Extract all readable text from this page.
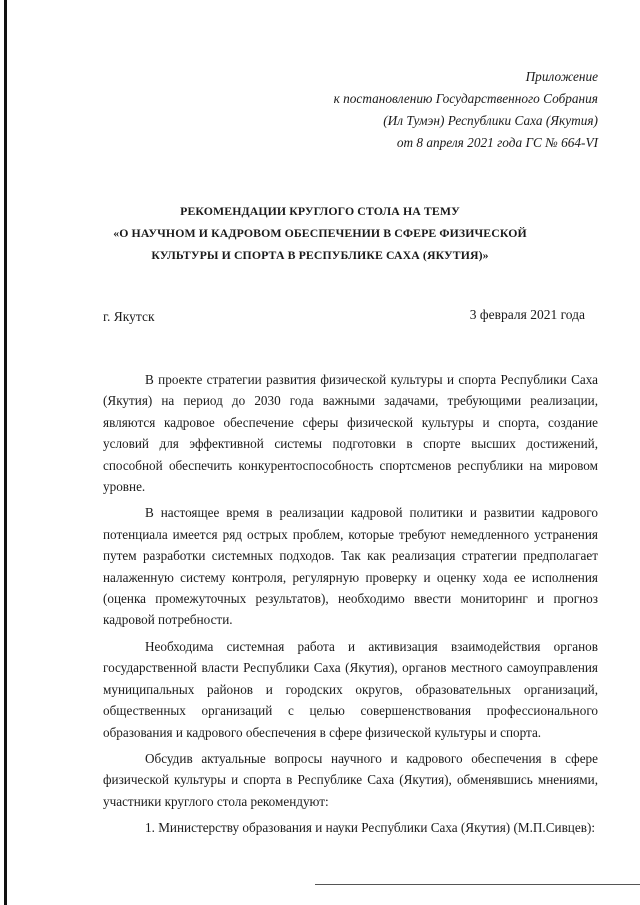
Приложение
к постановлению Государственного Собрания
(Ил Тумэн) Республики Саха (Якутия)
от 8 апреля 2021 года ГС № 664-VI
РЕКОМЕНДАЦИИ КРУГЛОГО СТОЛА НА ТЕМУ
«О НАУЧНОМ И КАДРОВОМ ОБЕСПЕЧЕНИИ В СФЕРЕ ФИЗИЧЕСКОЙ
КУЛЬТУРЫ И СПОРТА В РЕСПУБЛИКЕ САХА (ЯКУТИЯ)»
г. Якутск	3 февраля 2021 года

В проекте стратегии развития физической культуры и спорта Республики Саха (Якутия) на период до 2030 года важными задачами, требующими реализации, являются кадровое обеспечение сферы физической культуры и спорта, создание условий для эффективной системы подготовки в спорте высших достижений, способной обеспечить конкурентоспособность спортсменов республики на мировом уровне.

В настоящее время в реализации кадровой политики и развитии кадрового потенциала имеется ряд острых проблем, которые требуют немедленного устранения путем разработки системных подходов. Так как реализация стратегии предполагает налаженную систему контроля, регулярную проверку и оценку хода ее исполнения (оценка промежуточных результатов), необходимо ввести мониторинг и прогноз кадровой потребности.

Необходима системная работа и активизация взаимодействия органов государственной власти Республики Саха (Якутия), органов местного самоуправления муниципальных районов и городских округов, образовательных организаций, общественных организаций с целью совершенствования профессионального образования и кадрового обеспечения в сфере физической культуры и спорта.

Обсудив актуальные вопросы научного и кадрового обеспечения в сфере физической культуры и спорта в Республике Саха (Якутия), обменявшись мнениями, участники круглого стола рекомендуют:

1. Министерству образования и науки Республики Саха (Якутия) (М.П.Сивцев):
